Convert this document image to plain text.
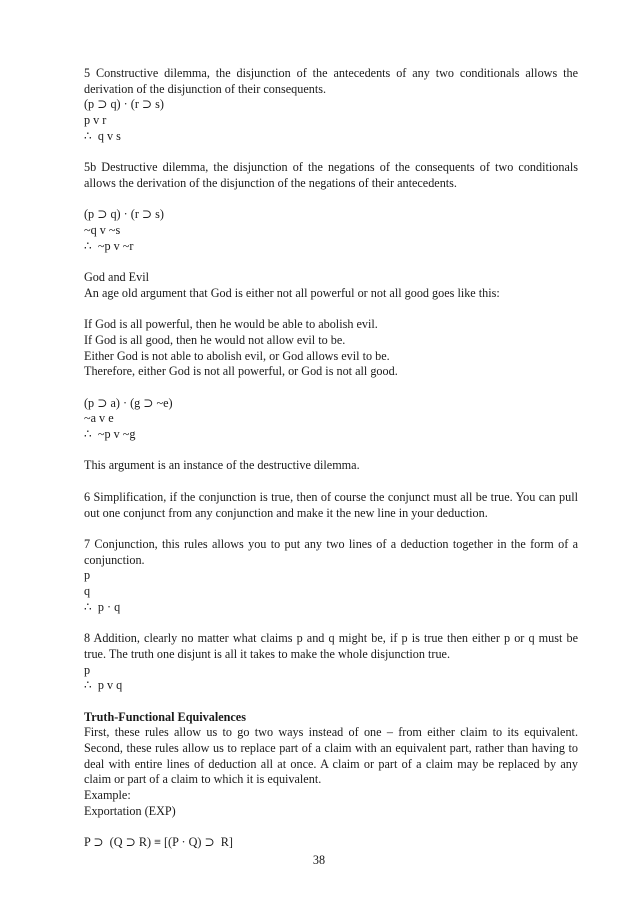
5 Constructive dilemma, the disjunction of the antecedents of any two conditionals allows the derivation of the disjunction of their consequents.

(p ⊃ q) · (r ⊃ s)

p v r

∴  q v s

5b Destructive dilemma, the disjunction of the negations of the consequents of two conditionals allows the derivation of the disjunction of the negations of their antecedents.

(p ⊃ q) · (r ⊃ s)

~q v ~s

∴  ~p v ~r

God and Evil

An age old argument that God is either not all powerful or not all good goes like this:

If God is all powerful, then he would be able to abolish evil.

If God is all good, then he would not allow evil to be.

Either God is not able to abolish evil, or God allows evil to be.

Therefore, either God is not all powerful, or God is not all good.

(p ⊃ a) · (g ⊃ ~e)

~a v e

∴  ~p v ~g

This argument is an instance of the destructive dilemma.

6 Simplification, if the conjunction is true, then of course the conjunct must all be true. You can pull out one conjunct from any conjunction and make it the new line in your deduction.

7 Conjunction, this rules allows you to put any two lines of a deduction together in the form of a conjunction.

p

q

∴  p · q

8 Addition, clearly no matter what claims p and q might be, if p is true then either p or q must be true. The truth one disjunt is all it takes to make the whole disjunction true.

p

∴  p v q

Truth-Functional Equivalences

First, these rules allow us to go two ways instead of one – from either claim to its equivalent. Second, these rules allow us to replace part of a claim with an equivalent part, rather than having to deal with entire lines of deduction all at once. A claim or part of a claim may be replaced by any claim or part of a claim to which it is equivalent.

Example:

Exportation (EXP)

P ⊃  (Q ⊃ R) ≡ [(P · Q) ⊃  R]

38
